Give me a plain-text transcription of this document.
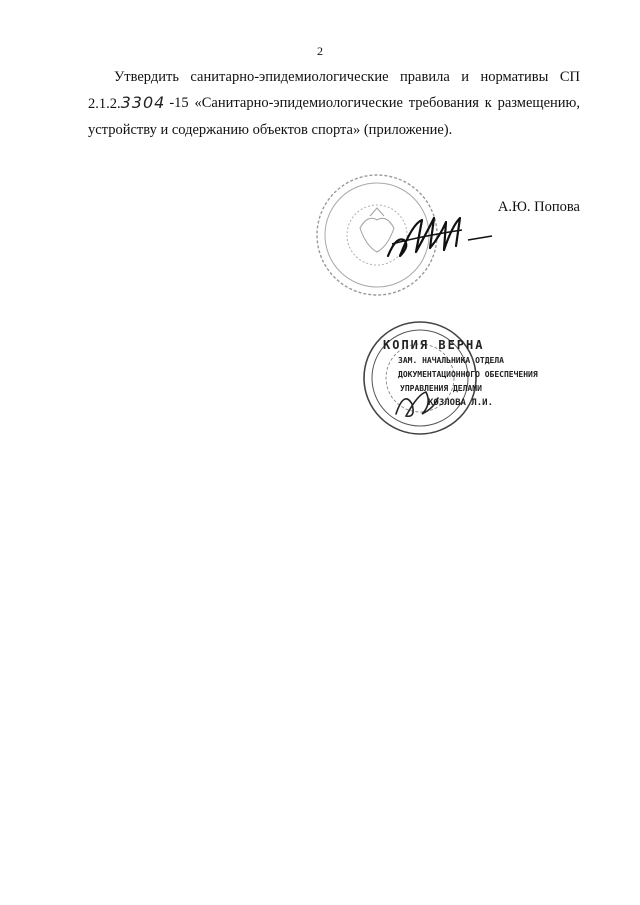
2
Утвердить санитарно-эпидемиологические правила и нормативы СП
2.1.2.3304 -15 «Санитарно-эпидемиологические требования к размещению,
устройству и содержанию объектов спорта» (приложение).
А.Ю. Попова
КОПИЯ ВЕРНА
ЗАМ. НАЧАЛЬНИКА ОТДЕЛА
ДОКУМЕНТАЦИОННОГО ОБЕСПЕЧЕНИЯ
УПРАВЛЕНИЯ ДЕЛАМИ
КОЗЛОВА Л.И.
